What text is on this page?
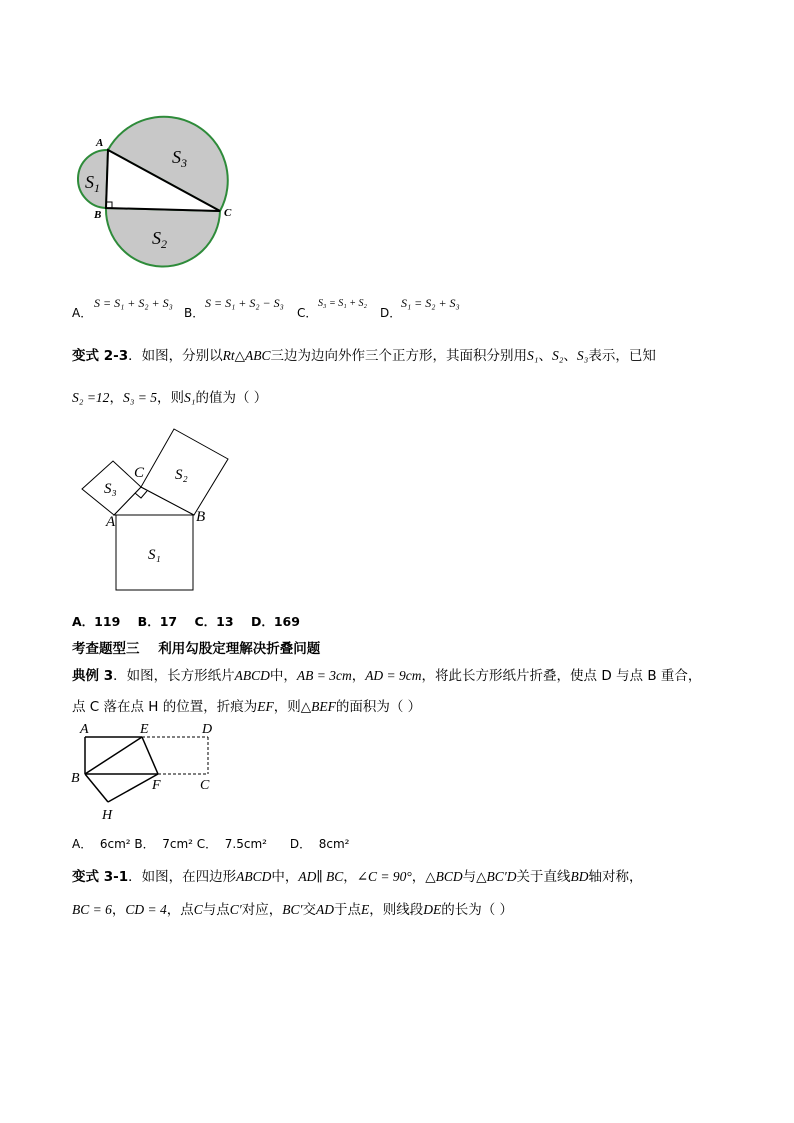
A
B	C
$S_1$
$S_3$
$S_2$
A．
S = S₁ + S₂ + S₃
B．
S = S₁ + S₂ − S₃
C．
S₃ = S₁ + S₂
D．
S₁ = S₂ + S₃
变式 2-3．如图，分别以Rt△ABC三边为边向外作三个正方形，其面积分别用S₁、S₂、S₃表示，已知
S₂ =12，S₃ = 5，则S₁的值为（ ）
A	B
C
S₁
S₂
S₃
A．119    B．17    C．13    D．169
考查题型三    利用勾股定理解决折叠问题
典例 3．如图，长方形纸片ABCD中，AB = 3cm，AD = 9cm，将此长方形纸片折叠，使点 D 与点 B 重合，
点 C 落在点 H 的位置，折痕为EF，则△BEF的面积为（ ）
A	E	D
B	F	C
H
A．  6cm² B．  7cm² C．  7.5cm²      D．  8cm²
变式 3-1．如图，在四边形ABCD中，AD∥ BC，∠C = 90°，△BCD与△BC′D关于直线BD轴对称，
BC = 6，CD = 4，点C与点C′对应，BC′交AD于点E，则线段DE的长为（ ）
